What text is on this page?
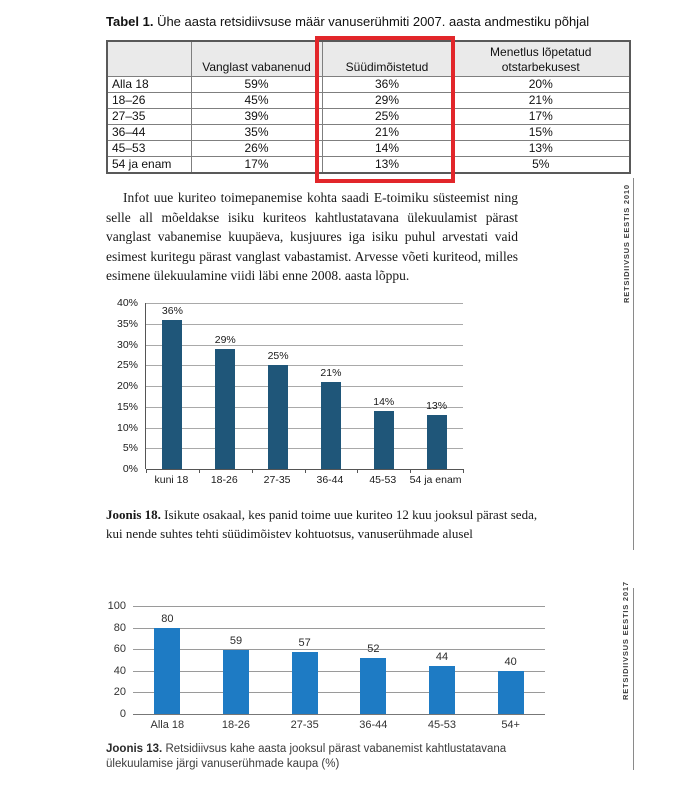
Tabel 1. Ühe aasta retsidiivsuse määr vanuserühmiti 2007. aasta andmestiku põhjal
	Vanglast vabanenud	Süüdimõistetud	Menetlus lõpetatud otstarbekusest
Alla 18	59%	36%	20%
18–26	45%	29%	21%
27–35	39%	25%	17%
36–44	35%	21%	15%
45–53	26%	14%	13%
54 ja enam	17%	13%	5%
Infot uue kuriteo toimepanemise kohta saadi E-toimiku süsteemist ning selle all mõeldakse isiku kuriteos kahtlustatavana ülekuulamist pärast vanglast vabanemise kuupäeva, kusjuures iga isiku puhul arvestati vaid esimest kuritegu pärast vanglast vabastamist. Arvesse võeti kuriteod, milles esimene ülekuulamine viidi läbi enne 2008. aasta lõppu.
36%
29%
25%
21%
14%	13%
40%
35%
30%
25%
20%
15%
10%
5%
0%
kuni 18	18-26	27-35	36-44	45-53	54 ja enam
Joonis 18. Isikute osakaal, kes panid toime uue kuriteo 12 kuu jooksul pärast seda, kui nende suhtes tehti süüdimõistev kohtuotsus, vanuserühmade alusel
80
59	57	52
44	40
100
80
60
40
20
0
Alla 18	18-26	27-35	36-44	45-53	54+
Joonis 13. Retsidiivsus kahe aasta jooksul pärast vabanemist kahtlustatavana ülekuulamise järgi vanuserühmade kaupa (%)
RETSIDIIVSUS EESTIS 2010
RETSIDIIVSUS EESTIS 2017
